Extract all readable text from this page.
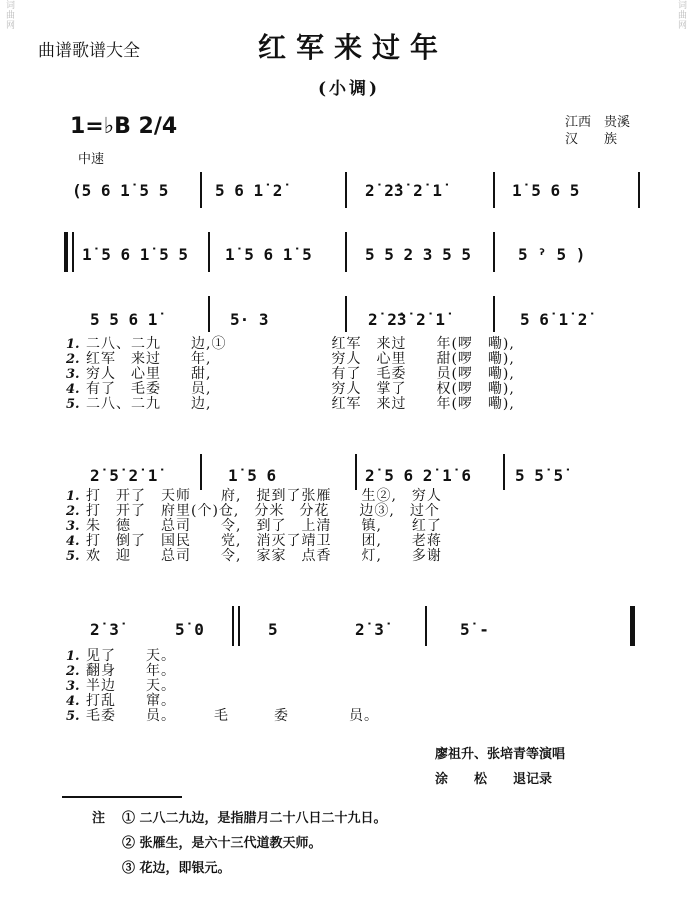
词曲网	词曲网
曲谱歌谱大全	红军来过年
(小调)
1=♭B 2/4
中速
江西　贵溪
汉　　族
(5 6 1̇ 5 5	5 6 1̇ 2̇	2̇ 2̇3̇ 2̇ 1̇	1̇ 5 6 5
1̇ 5 6 1̇ 5 5 1̇ 5 6 1̇ 5	5 5 2 3 5 5	5 ˀ 5 )
5 5 6 1̇	5· 3	2̇ 2̇3̇ 2̇ 1̇	5 6̇ 1̇ 2̇
1. 二八、二九　　边,①　　　　　　　红军　来过　　年(啰　嘞),
2. 红军　来过　　年,　　　　　　　　穷人　心里　　甜(啰　嘞),
3. 穷人　心里　　甜,　　　　　　　　有了　毛委　　员(啰　嘞),
4. 有了　毛委　　员,　　　　　　　　穷人　掌了　　权(啰　嘞),
5. 二八、二九　　边,　　　　　　　　红军　来过　　年(啰　嘞),
2̇ 5̇ 2̇ 1̇	1̇ 5 6	2̇ 5 6 2̇ 1̇ 6	5 5̇ 5̇
1. 打　开了　天师　　府,　捉到了张雁　　生②,　穷人
2. 打　开了　府里(个)仓,　分米　分花　　边③,　过个
3. 朱　德　　总司　　令,　到了　上清　　镇,　　红了
4. 打　倒了　国民　　党,　消灭了靖卫　　团,　　老蒋
5. 欢　迎　　总司　　令,　家家　点香　　灯,　　多谢
2̇ 3̇	5̇ 0	5	2̇ 3̇	5̇ -
1. 见了　　天。
2. 翻身　　年。
3. 半边　　天。
4. 打乱　　窜。
5. 毛委　　员。　　　毛　　　委　　　　员。
廖祖升、张培青等演唱
涂　　松　　退记录
注 ① 二八二九边，是指腊月二十八日二十九日。
② 张雁生，是六十三代道教天师。
③ 花边，即银元。
